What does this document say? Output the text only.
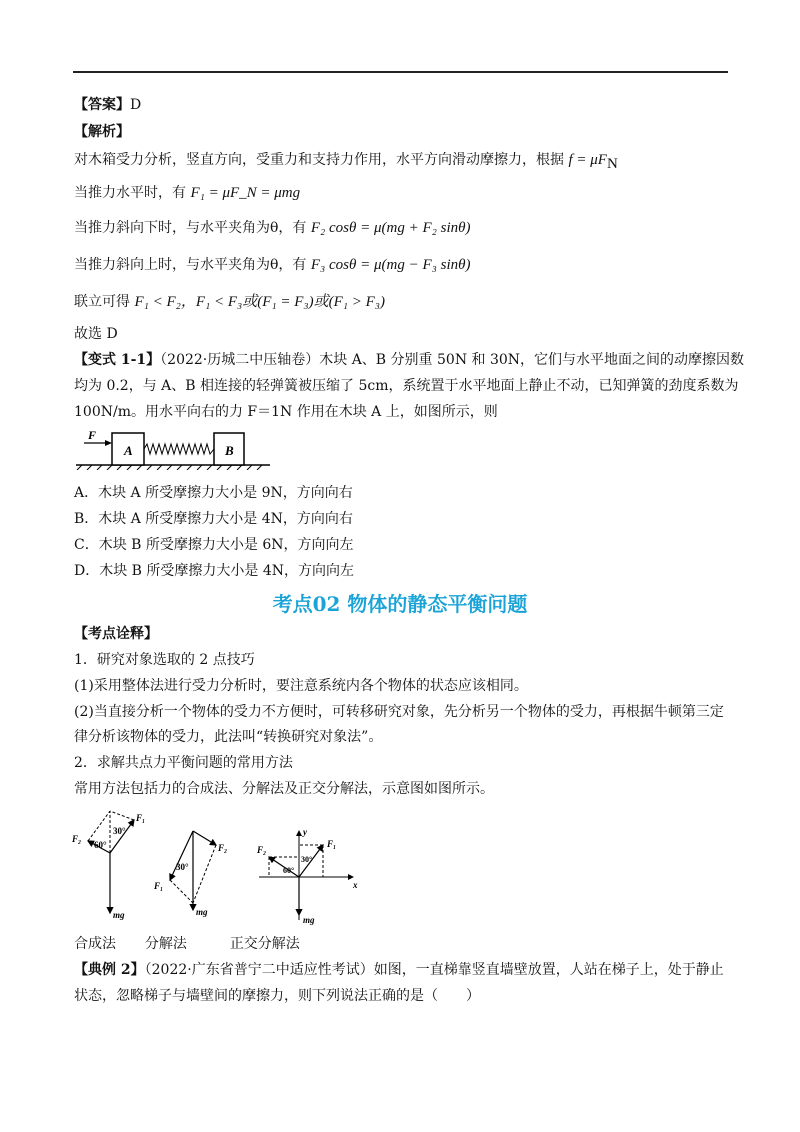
【答案】D
【解析】
对木箱受力分析，竖直方向，受重力和支持力作用，水平方向滑动摩擦力，根据 $f = \mu F_N$
当推力水平时，有 F₁ = μF_N = μmg
当推力斜向下时，与水平夹角为θ，有 F₂ cosθ = μ(mg + F₂ sinθ)
当推力斜向上时，与水平夹角为θ，有 F₃ cosθ = μ(mg − F₃ sinθ)
联立可得 F₁ < F₂，F₁ < F₃或(F₁ = F₃)或(F₁ > F₃)
故选 D
【变式 1-1】（2022·历城二中压轴卷）木块 A、B 分别重 50N 和 30N，它们与水平地面之间的动摩擦因数
均为 0.2，与 A、B 相连接的轻弹簧被压缩了 5cm，系统置于水平地面上静止不动，已知弹簧的劲度系数为
100N/m。用水平向右的力 F＝1N 作用在木块 A 上，如图所示，则
F
A	B
A．木块 A 所受摩擦力大小是 9N，方向向右
B．木块 A 所受摩擦力大小是 4N，方向向右
C．木块 B 所受摩擦力大小是 6N，方向向左
D．木块 B 所受摩擦力大小是 4N，方向向左
考点02 物体的静态平衡问题
【考点诠释】
1．研究对象选取的 2 点技巧
(1)采用整体法进行受力分析时，要注意系统内各个物体的状态应该相同。
(2)当直接分析一个物体的受力不方便时，可转移研究对象，先分析另一个物体的受力，再根据牛顿第三定
律分析该物体的受力，此法叫“转换研究对象法”。
2．求解共点力平衡问题的常用方法
常用方法包括力的合成法、分解法及正交分解法，示意图如图所示。
F₁
F₂
30°
60°
mg
F₂
F₁
30°
mg
y
x
F₁
F₂
30°
60°
mg
合成法 分解法	正交分解法
【典例 2】（2022·广东省普宁二中适应性考试）如图，一直梯靠竖直墙壁放置，人站在梯子上，处于静止
状态，忽略梯子与墙壁间的摩擦力，则下列说法正确的是（　　）
